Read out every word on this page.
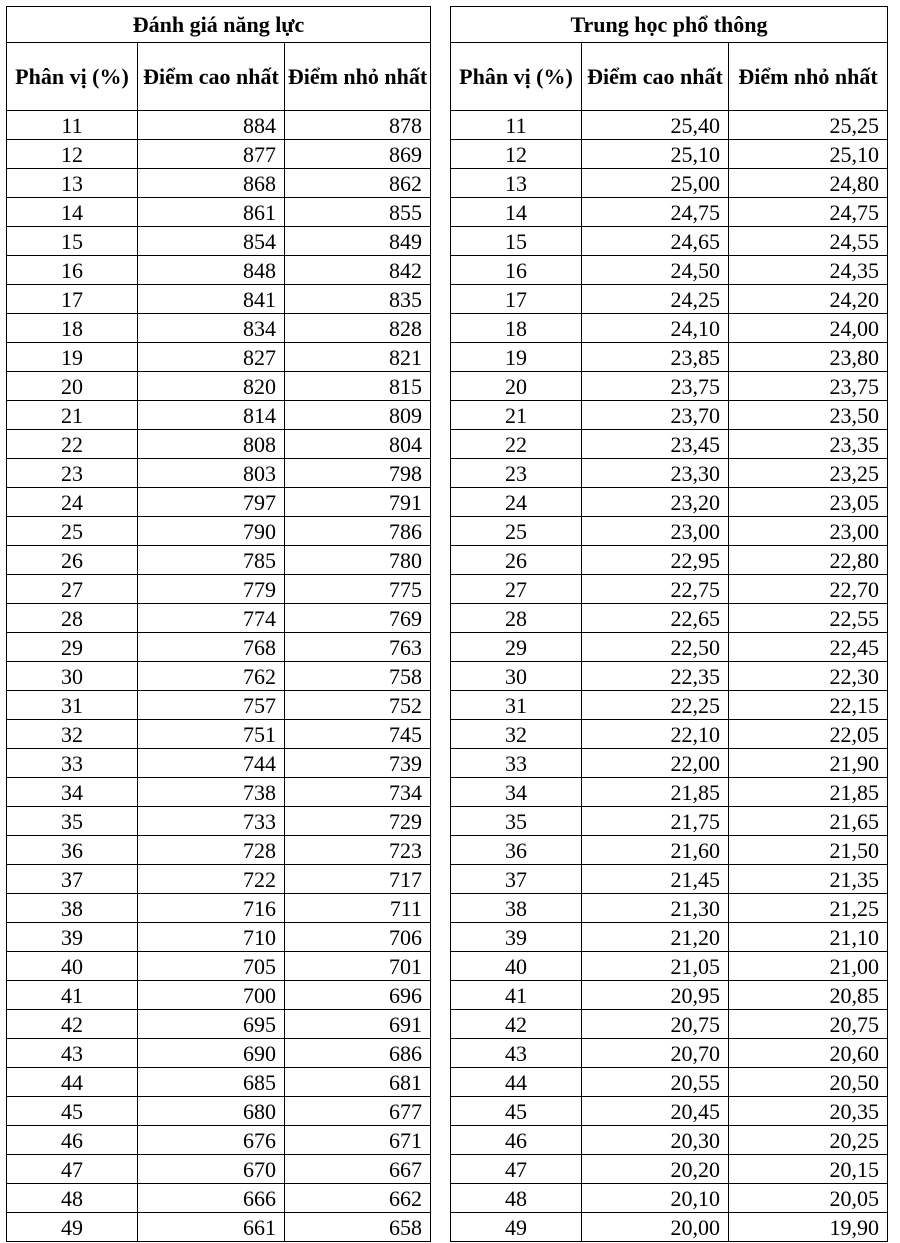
Đánh giá năng lực		
Phân vị (%)	Điểm cao nhất	Điểm nhỏ nhất
11	884	878
12	877	869
13	868	862
14	861	855
15	854	849
16	848	842
17	841	835
18	834	828
19	827	821
20	820	815
21	814	809
22	808	804
23	803	798
24	797	791
25	790	786
26	785	780
27	779	775
28	774	769
29	768	763
30	762	758
31	757	752
32	751	745
33	744	739
34	738	734
35	733	729
36	728	723
37	722	717
38	716	711
39	710	706
40	705	701
41	700	696
42	695	691
43	690	686
44	685	681
45	680	677
46	676	671
47	670	667
48	666	662
49	661	658
Trung học phổ thông		
Phân vị (%)	Điểm cao nhất	Điểm nhỏ nhất
11	25,40	25,25
12	25,10	25,10
13	25,00	24,80
14	24,75	24,75
15	24,65	24,55
16	24,50	24,35
17	24,25	24,20
18	24,10	24,00
19	23,85	23,80
20	23,75	23,75
21	23,70	23,50
22	23,45	23,35
23	23,30	23,25
24	23,20	23,05
25	23,00	23,00
26	22,95	22,80
27	22,75	22,70
28	22,65	22,55
29	22,50	22,45
30	22,35	22,30
31	22,25	22,15
32	22,10	22,05
33	22,00	21,90
34	21,85	21,85
35	21,75	21,65
36	21,60	21,50
37	21,45	21,35
38	21,30	21,25
39	21,20	21,10
40	21,05	21,00
41	20,95	20,85
42	20,75	20,75
43	20,70	20,60
44	20,55	20,50
45	20,45	20,35
46	20,30	20,25
47	20,20	20,15
48	20,10	20,05
49	20,00	19,90
